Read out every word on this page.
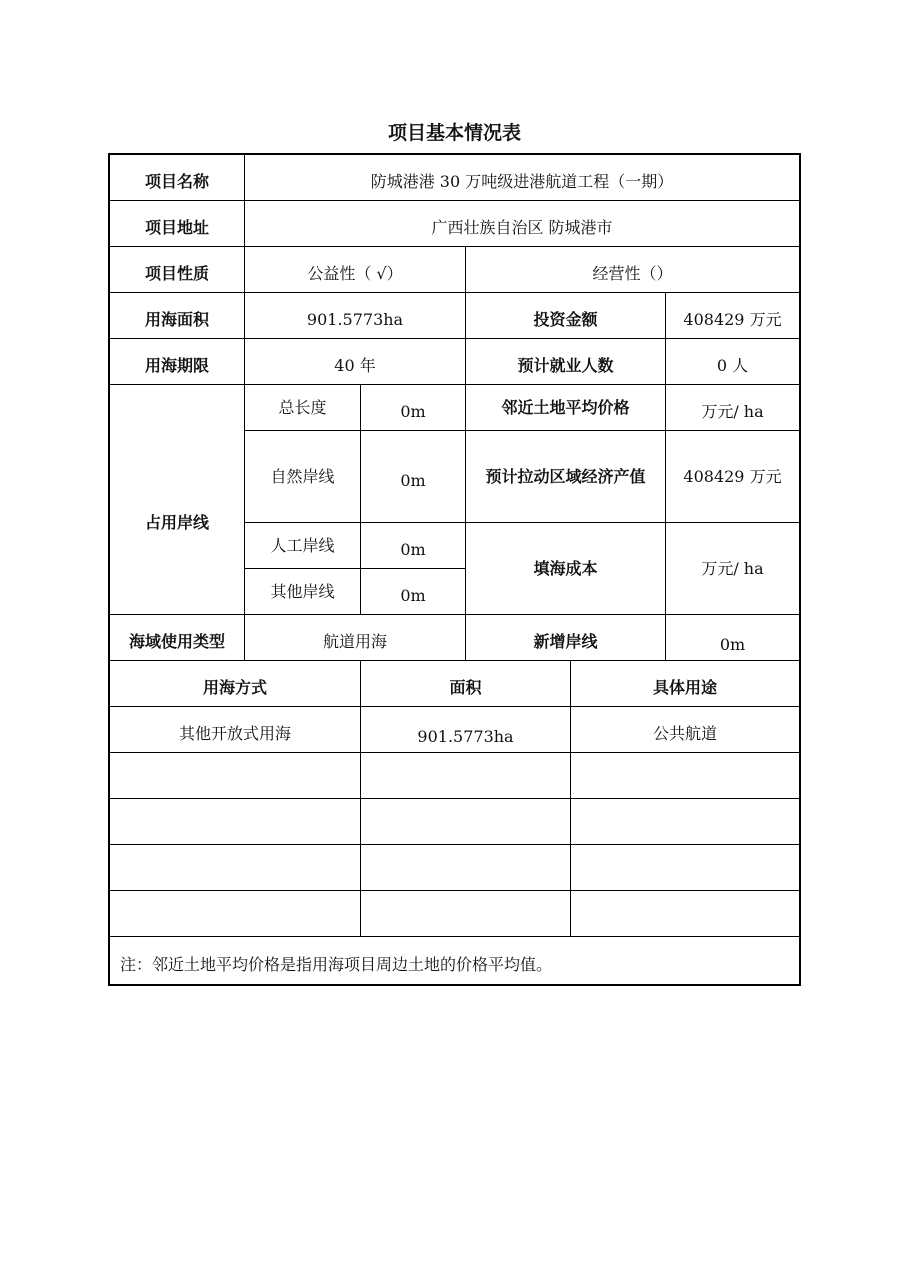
项目基本情况表
项目名称	防城港港 30 万吨级进港航道工程（一期）
项目地址	广西壮族自治区 防城港市
项目性质	公益性（ √）	经营性（）
用海面积	901.5773ha	投资金额	408429 万元
用海期限	40 年	预计就业人数	0 人
占用岸线
总长度	0m	邻近土地平均价格	万元/ ha
自然岸线	0m	预计拉动区域经济产值	408429 万元
人工岸线	0m
其他岸线	0m
填海成本	万元/ ha
海域使用类型	航道用海	新增岸线	0m
用海方式	面积	具体用途
其他开放式用海	901.5773ha	公共航道
注：邻近土地平均价格是指用海项目周边土地的价格平均值。
